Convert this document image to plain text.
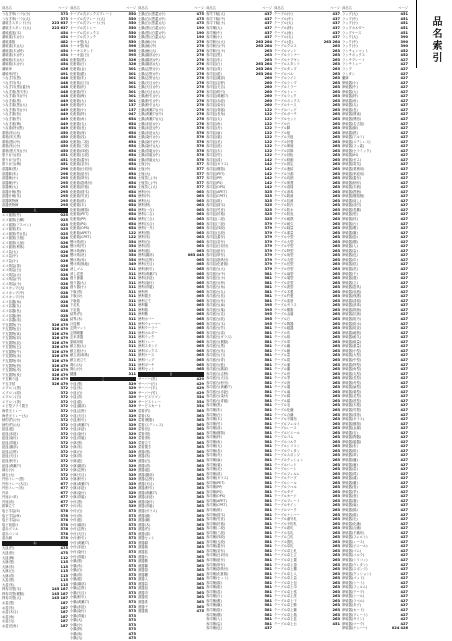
商品名	ページ
うなぎ串(バラ)(小)	373
うなぎ串(バラ)(大)	373
蒲焼きスタンド(小)	223 637
蒲焼きスタンド(大)	223 637
蒲焼盛皿(木)	454
蒲焼重(木)(小)	454
蒲焼重箱	482
蒲焼重(木)(大)	454
蒲焼重(木)(特)	454
蒲焼重(木)(中)	454
蒲焼箱(木)(大)	454
蒲焼箱(木)(小)	454
蒲焼串	426
蒲焼串(竹)	491
うなぎ丼(黒)	448
うなぎ丼(朱)	448
うなぎ丼(黒)(蓋付)	448
うなぎ重(黒天朱)	448
うなぎ重(朱)(中)	448
うなぎ重(黒)	449
うなぎ重(黒)(大)	449
うなぎ重(朱)(小)	449
うなぎ重(松)	449
うなぎ重(竹)	449
うなぎ重(梅)	449
うな重(特)(黒)	449
重箱(朱)(大)	450
重箱(朱天黒)	450
重箱(黒)(中)	450
重箱(朱)(小)	450
重箱(黒天朱)(小)	450
塗り弁当(松)	451
塗り弁当(竹)	451
塗り弁当(梅)	451
漆器鉢(黒)	296
漆器鉢(朱)	296
漆器椀(小)	295
漆器椀(中)	295
漆器椀(大)	295
漆器汁椀(黒)	295
漆器汁椀(朱)	295
漆器吸物椀	295
漆器煮物椀	295
え
エコ割箸(竹)	025
エコ割箸(白樺)	025
エコ割箸(アスペン)	025
エコ割箸(杉)	025
エコ割箸(竹)(長)	025
エコ割箸(天削)	026
エコ割箸(元禄)	026
エコ割箸(利休)	026
エコ袋(大)	026
エコ袋(中)	026
エコ袋(小)	026
エコ紙袋(茶)	026
エコ紙袋(白)	026
エコ紙袋(大)	028
エコ紙袋(中)	028
エコ紙袋(小)	028
エコカップ(大)	028
エコカップ(中)	028
エコカップ(小)	028
エコ容器(角)	028
エコ容器(丸)	028
エコ容器(長)	028
エコ容器(深)	028
エコ容器(浅)	028
干支置物(子)	326 479
干支置物(丑)	326 479
干支置物(寅)	326 479
干支置物(卯)	326 479
干支置物(辰)	326 479
干支置物(巳)	326 479
干支置物(午)	326 479
干支置物(未)	326 479
干支置物(申)	326 479
干支置物(酉)	326 479
干支置物(戌)	326 479
干支置物(亥)	326 479
干支飾り皿	326 479
干支手拭	326 479
エプロン(黒)	372
エプロン(紺)	372
エプロン(白)	372
エプロン(茶)	372
エビ型フライ置き	372
海老天トレー	372
海老天トレー(大)	372
柄杓(竹)(小)	372
柄杓(竹)(大)	372
絵皿(藍)	372
絵皿(赤絵)	372
絵皿(染付)	372
絵皿(青磁)	372
絵皿(織部)	372
絵皿(志野)	372
絵皿(天目)	372
絵皿(粉引)	372
絵皿(黄瀬戸)	372
縁台(小)	372
縁台(大)	372
円形トレー(黒)	372
円形トレー(木目)	677
円形トレー(朱)	677
円卓	677
円座(い草)	677
円座(布)	677
鉛筆立て	677
塩ビ手袋(S)	578
塩ビ手袋(M)	578
塩ビ手袋(L)	578
塩ビ前掛け	578
遠赤グリル	578
遠赤コンロ	578
遠赤網	578
お
大皿(竹)	475
大皿(松)	475
大皿(梅)	112
大鉢(黒)	115
大鉢(朱)	115
大鉢(白)	115
大鉢(青)	115
大盆(黒)	115
大盆(朱)	115
押寿司型(木)	145 187
押寿司型(樹脂)	145 187
押寿司型(大)	145 187
お盆(黒)	187
お盆(朱)	187
お盆(木目)	187
お盆(角)	187
お盆(丸)	187
お盆(長角)	187
商品名	ページ
ケーブル式ボックスプレート	550
ケーブル式プレート(大)	550
ケーブル式プレート(小)	550
ケーブル式トレー	550
ケーブル式ボックス	550
ケーブル式ラック	550
ケーキ型(丸)	550
ケーキ型(角)	596
ケーキスタンド	595
ケーキ皿(白)	595
化粧箱(黒)	326
化粧箱(白)	326
化粧箱(金)	301
化粧箱(銀)	301
化粧箱(朱)	301
化粧箱(紅白)	301
化粧箱(松)	301
化粧箱(竹)	301
化粧箱(梅)	301
化粧箱(大)	301
化粧箱(中)	137
化粧箱(小)	137
化粧箱(特)	047
化粧箱(角)	654
化粧箱(丸)	654
化粧箱(長)	654
化粧箱(深)	654
化粧箱(浅)	654
化粧箱(二段)	654
化粧箱(三段)	654
化粧箱(四段)	654
化粧箱(五段)	654
化粧箱(蓋付)	654
化粧箱(窓付)	654
化粧箱(仕切付)	654
化粧箱(紐付)	654
化粧箱(帯付)	654
化粧箱(掛紙付)	654
化粧箱(折箱)	654
化粧箱(経木)	654
化粧箱(竹皮)	654
化粧箱(紙)	654
化粧箱(木)	654
化粧箱(樹脂)	654
化粧箱(PET)	654
化粧箱(PP)	654
化粧箱(PS)	654
化粧箱(OPS)	654
化粧箱(APET)	122
化粧箱(CPET)	122
懸け紙(松)	354
懸け紙(竹)	354
懸け紙(梅)	354
懸け紙(祝)	354
懸け紙(寿)	354
懸け紙(無地)	349
消しゴム	311
消し炭壺	311
削り節器	311
削り器(大)	311
削り器(小)	311
下駄(男)	311
下駄(女)	311
下駄箱	311
下足札	311
下足箱	311
結界(竹)	311
結界(木)	311
月桂樹	311
玄関マット	311
玄関暖簾	311
玄米茶器	311
原稿用紙	311
献立板(大)	311
献立板(小)	311
献立表(和紙)	311
献立表立て	311
剣山(大)	311
剣山(小)	311
鍵盤	311
こ
小皿(黒)	329
小皿(朱)	329
小皿(白)	329
小皿(青)	329
小皿(藍)	329
小皿(織部)	329
小皿(志野)	329
小皿(天目)	329
小皿(粉引)	329
小皿(黄瀬戸)	329
小皿(赤絵)	329
小皿(染付)	329
小皿(青磁)	329
小鉢(黒)	329
小鉢(朱)	329
小鉢(白)	329
小鉢(青)	329
小鉢(藍)	329
小鉢(織部)	329
小鉢(志野)	329
小鉢(天目)	329
小鉢(粉引)	329
小鉢(黄瀬戸)	329
小鉢(赤絵)	329
小鉢(染付)	329
小鉢(青磁)	329
小付(黒)	329
小付(朱)	329
小付(白)	573
小付(青)	573
小付(藍)	573
小付(織部)	573
小付(志野)	573
小付(天目)	573
小付(粉引)	573
小付(黄瀬戸)	573
小付(赤絵)	573
小付(染付)	573
小付(青磁)	573
小鍋(黒)	573
小鍋(朱)	573
小鍋(白)	573
小鍋(青)	573
小鍋(藍)	573
小鍋(織部)	573
小鍋(志野)	573
小鍋(天目)	573
小鍋(粉引)	573
小鍋(黄瀬戸)	573
小鍋(赤絵)	573
小鍋(染付)	573
小鍋(青磁)	573
小鍋(大)	573
小鍋(小)	573
小鍋(特)	573
小鍋(角)	475
小鍋(丸)	475
商品名	ページ
土鍋(白)(黒蓋)(小)	475
土鍋(白)(黒蓋)(中)	475
土鍋(白)(黒蓋)(大)	475
土鍋(黒)(白蓋)(小)	190
土鍋(黒)(白蓋)(中)	190
土鍋(黒)(白蓋)(大)	190
土鍋(飴)(小)	276
土鍋(飴)(中)	276
土鍋(飴)(大)	276
土鍋(織部)(小)	276
土鍋(織部)(中)	276
土鍋(織部)(大)	276
土鍋(志野)(小)	276
土鍋(志野)(中)	276
土鍋(志野)(大)	276
土鍋(天目)(小)	276
土鍋(天目)(中)	276
土鍋(天目)(大)	276
土鍋(粉引)(小)	276
土鍋(粉引)(中)	276
土鍋(粉引)(大)	276
土鍋(黄瀬戸)(小)	276
土鍋(黄瀬戸)(中)	276
土鍋(黄瀬戸)(大)	276
土鍋(赤絵)(小)	276
土鍋(赤絵)(中)	576
土鍋(赤絵)(大)	576
土鍋(染付)(小)	576
土鍋(染付)(中)	576
土鍋(染付)(大)	576
土鍋(青磁)(小)	576
土鍋(青磁)(中)	576
土鍋(青磁)(大)	576
土瓶(小)	577
土瓶(中)	577
土瓶(大)	577
土瓶蒸し(小)	577
土瓶蒸し(中)	577
土瓶蒸し(大)	577
徳利(小)	063
徳利(中)	063
徳利(大)	063
徳利(特)	063
徳利(一合)	063
徳利(二合)	063
徳利(三合)	063
徳利(五合)	063
徳利(一升)	063
徳利(黒)	063
徳利(朱)	063
徳利(白)	063
徳利(青)	063
徳利(藍)	063
徳利(織部)	063 445
徳利(志野)	065
徳利(天目)	065
徳利(粉引)	065
徳利(黄瀬戸)	065
徳利(赤絵)	065
徳利(染付)	065
徳利(青磁)	065
徳利袴	065
徳利置き	065
徳利立て	065
徳利籠	065
徳利箱	065
徳利敷	065
徳利カバー	065
徳利ウォーマー	065
徳利クーラー	065
徳利ホルダー	065
徳利ラック	065
徳利トレー	065
徳利スタンド	065
徳利ボックス	065
徳利ケース	065
徳利バッグ	065
徳利ポーチ	065
徳利セット	065
さ
サーバー(黒)	429
サーバー(白)	429
サーバー(木)	429
サーバー(竹)	429
サービスワゴン	354
サービストレー	354
サービスカート	354
菜箸(竹)	363
菜箸(木)	363
菜箸(樹脂)	363
菜箸(ステンレス)	363
菜箸(長)	363
菜箸(短)	363
菜箸(特)	363
菜箸立て	363
菜箸置き	363
酒器(黒)	363
酒器(朱)	363
酒器(白)	363
酒器(青)	363
酒器(藍)	363
酒器(織部)	363
酒器(志野)	363
酒器(天目)	363
酒器(粉引)	363
酒器(黄瀬戸)	363
酒器(赤絵)	363
酒器(染付)	363
酒器(青磁)	363
酒器(ガラス)	363
酒器(錫)	363
酒器(銅)	363
酒器(木)	363
酒器(竹)	363
酒器(漆)	363
酒器セット	363
酒器揃	363
酒器箱	363
酒器盆	363
酒器台	363
酒器敷	363
酒器籠	363
酒器掛	363
酒器棚	363
酒器入	363
酒器袋	363
酒器包	363
酒器巾	363
酒器拭	363
酒器洗	363
酒器干	363
酒器置	475
商品名	ページ
寿司下駄(大)	437
寿司下駄(中)	437
寿司下駄(小)	437
寿司桶(大)	437
寿司桶(中)	437
寿司桶(小)	437
寿司飯台(大)	263 264
寿司飯台(中)	263 264
寿司飯台(小)	263
寿司皿(黒)	263
寿司皿(朱)	263
寿司皿(白)	263 264
寿司皿(青)	263 264
寿司皿(藍)	263 264
寿司皿(織部)	260
寿司皿(志野)	260
寿司皿(天目)	260
寿司皿(粉引)	260
寿司皿(黄瀬戸)	260
寿司皿(赤絵)	260
寿司皿(染付)	260
寿司皿(青磁)	122
寿司皿(長角)	122
寿司皿(丸)	122
寿司皿(角)	122
寿司皿(舟)	122
寿司皿(扇)	122
寿司皿(葉)	122
寿司皿(花)	122
寿司皿(波)	122
寿司皿(木)	122
寿司皿(竹)	122
寿司皿(漆)	142
寿司皿(ガラス)	142
寿司皿(樹脂)	142
寿司皿(PET)	142
寿司皿(PP)	142
寿司皿(PS)	142
寿司皿(OPS)	142
寿司皿(APET)	325
寿司皿(CPET)	325
寿司皿(紙)	325
寿司皿(経木)	325
寿司皿(竹皮)	325
寿司皿(折箱)	325
寿司皿(二段)	325
寿司皿(三段)	379
寿司皿(四段)	379
寿司皿(五段)	379
寿司皿(蓋付)	379
寿司皿(窓付)	379
寿司皿(仕切付)	379
寿司皿(紐付)	379
寿司皿(帯付)	379
寿司皿(掛紙付)	379
寿司皿(化粧箱)	379
寿司盛台(大)	379
寿司盛台(中)	581
寿司盛台(小)	581
寿司盛台(特)	581
寿司盛台(角)	581
寿司盛台(丸)	581
寿司盛台(長)	581
寿司盛台(舟)	581
寿司盛台(扇)	395
寿司盛台(葉)	395
寿司盛台(花)	395
寿司盛台(波)	395
寿司盛台(木)	395
寿司盛台(竹)	581
寿司盛台(漆)	581
寿司盛台(ガラス)	581
寿司盛台(樹脂)	581
寿司盛台(黒)	581
寿司盛台(朱)	581
寿司盛台(白)	581
寿司盛台(青)	581
寿司盛台(藍)	581
寿司盛台(織部)	581
寿司盛台(志野)	581
寿司盛台(天目)	581
寿司盛台(粉引)	581
寿司盛台(黄瀬戸)	581
寿司盛台(赤絵)	581
寿司盛台(染付)	581
寿司盛台(青磁)	581
寿司桶(黒)	581
寿司桶(朱)	581
寿司桶(白)	581
寿司桶(木)	581
寿司桶(竹)	581
寿司桶(漆)	581
寿司桶(樹脂)	581
寿司桶(特)	581
寿司桶(角)	581
寿司桶(丸)	581
寿司桶(長)	581
寿司桶(舟)	581
寿司桶(扇)	581
寿司桶(葉)	581
寿司桶(花)	581
寿司桶(波)	581
寿司桶(ガラス)	581
寿司桶(PET)	581
寿司桶(PP)	581
寿司桶(PS)	581
寿司桶(OPS)	581
寿司桶(APET)	581
寿司桶(CPET)	581
寿司桶(紙)	581
寿司桶(経木)	581
寿司桶(竹皮)	581
寿司桶(折箱)	581
寿司桶(二段)	581
寿司桶(三段)	581
寿司桶(四段)	581
寿司桶(五段)	581
寿司桶(蓋付)	581
寿司桶(窓付)	581
寿司桶(仕切付)	581
寿司桶(紐付)	581
寿司桶(帯付)	581
寿司桶(掛紙付)	581
寿司桶(化粧箱)	581
寿司桶(セット)	581
寿司桶(揃)	581
寿司桶(箱)	581
寿司桶(盆)	581
寿司桶(台)	581
寿司桶(敷)	581
寿司桶(籠)	581
寿司桶(掛)	581
寿司桶(棚)	581
寿司桶(入)	581
寿司桶(袋)	581
寿司桶(包)	437
商品名	ページ
テーブル(小)	437
テーブル(中)	437
テーブル(大)	437
テーブル(特)	437
テーブル(角)	437
テーブル(丸)	437
テーブル(長)	263 264
テーブルクロス	263
テーブルマット	263
テーブルランナー	263
テーブルナプキン	263
テーブルスタンド	263
テーブルタップ	263
テーブルベル	263
テーブルライト	263
テーブルランプ	263
テーブルミラー	263
テーブルトレー	263
テーブルラック	263
テーブルボックス	263
テーブルケース	263
テーブルバッグ	263
テーブルポーチ	263
テーブルセット	263
テーブル台	263
テーブル脚	263
テーブル板	263
テーブル天板	263
テーブル折畳	263
テーブル伸縮	263
テーブル昇降	263
テーブル回転	263
テーブル移動	263
テーブル固定	263
テーブル連結	263
テーブル分割	263
テーブル収納	263
テーブル保護	263
テーブル清掃	263
テーブル消毒	263
テーブル除菌	263
テーブル抗菌	263
テーブル防汚	263
テーブル防水	263
テーブル防炎	263
テーブル耐熱	263
テーブル耐久	263
テーブル軽量	263
テーブル重量	263
テーブル小型	263
テーブル大型	263
テーブル中型	263
テーブル特型	263
テーブル角型	263
テーブル丸型	263
テーブル長型	263
テーブル舟型	263
テーブル扇型	263
テーブル葉型	263
テーブル花型	263
テーブル波型	263
テーブル木製	263
テーブル竹製	263
テーブル漆塗	263
テーブルガラス	263
テーブル樹脂	263
テーブル金属	263
テーブル石	263
テーブル陶器	263
テーブル磁器	263
テーブル布	263
テーブル紙	263
テーブル革	263
テーブル籐	263
テーブル藤	263
テーブル葦	263
テーブル葭	263
テーブル蒲	263
テーブル藺	263
テーブル菅	263
テーブル茅	263
テーブル萱	263
テーブル藁	263
テーブル麻	263
テーブル綿	263
テーブル絹	263
テーブル毛	263
テーブル化繊	263
テーブル合繊	263
テーブル不織布	263
テーブルフェルト	263
テーブルレース	263
テーブルビニール	263
テーブルゴム	263
テーブルコルク	263
テーブルシリコン	263
テーブルウレタン	263
テーブルスポンジ	263
テーブルクッション	263
テーブルパッド	263
テーブルシート	263
テーブルフィルム	263
テーブルテープ	263
テーブルシール	263
テーブルラベル	263
テーブルタグ	263
テーブルカード	263
テーブルプレート	263
テーブルサイン	263
テーブルマーク	263
テーブルナンバー	263
テーブル番号札	263
テーブル予約札	263
テーブル席札	263
テーブル名札	263
テーブル立札	263
テーブル置札	263
テーブル卓札	263
テーブル卓上札	263
テーブル卓上立	263
テーブル卓上置	263
テーブル卓上掛	263
テーブル卓上棚	263
テーブル卓上入	263
テーブル卓上袋	263
テーブル卓上包	263
テーブル卓上巾	263
テーブル卓上拭	263
テーブル卓上洗	263
テーブル卓上干	263
テーブル卓上敷	263
テーブル卓上籠	263
テーブル卓上箱	263
テーブル卓上盆	263
テーブル卓上台	451
商品名	ページ
ラップ(大)	451
ラップ(中)	451
ラップ(小)	451
ラップホルダー	451
ラップケース	451
ラック(大)	390
ラック(中)	390
ラック(小)	390
ランチョンマット	452
ランチボックス	452
ランチプレート	427
ランチトレー	427
ランプ	427
ランタン	427
蘭鉢	427
卵焼器(小)	427
卵焼器(中)	427
卵焼器(大)	427
卵焼器(特)	427
卵焼器(角)	427
卵焼器(丸)	427
卵焼器(長)	427
卵焼器(関東)	427
卵焼器(関西)	427
卵焼器(名古屋)	427
卵焼器(銅)	427
卵焼器(鉄)	427
卵焼器(アルミ)	427
卵焼器(ステンレス)	427
卵焼器(フッ素)	427
卵焼器(セラミック)	427
卵焼器(IH)	427
卵焼器(ガス)	427
卵焼器(電気)	427
卵焼器(業務用)	427
卵焼器(家庭用)	427
卵焼器(蓋付)	427
卵焼器(柄付)	427
卵焼器(木柄)	427
卵焼器(鉄柄)	427
卵焼器(樹脂柄)	427
卵焼器(返し)	427
卵焼器(油引)	427
卵焼器(巻簾)	427
卵焼器(型)	427
卵焼器(枠)	427
卵焼器(台)	427
卵焼器(敷)	427
卵焼器(籠)	427
卵焼器(掛)	427
卵焼器(棚)	427
卵焼器(入)	427
卵焼器(袋)	427
卵焼器(包)	427
卵焼器(巾)	427
卵焼器(拭)	427
卵焼器(洗)	427
卵焼器(干)	427
卵焼器(置)	427
卵焼器(立)	427
卵焼器(掛具)	427
卵焼器(収納)	427
卵焼器(保護)	427
卵焼器(清掃)	427
卵焼器(消毒)	427
卵焼器(除菌)	427
卵焼器(抗菌)	427
卵焼器(防汚)	427
卵焼器(防水)	427
卵焼器(防炎)	427
卵焼器(耐熱)	427
卵焼器(耐久)	427
卵焼器(軽量)	427
卵焼器(重量)	427
卵焼器(小型)	427
卵焼器(大型)	427
卵焼器(中型)	427
卵焼器(特型)	427
卵焼器(角型)	427
卵焼器(丸型)	427
卵焼器(長型)	427
卵焼器(舟型)	427
卵焼器(扇型)	427
卵焼器(葉型)	427
卵焼器(花型)	427
卵焼器(波型)	427
卵焼器(木製)	427
卵焼器(竹製)	427
卵焼器(漆塗)	427
卵焼器(ガラス)	427
卵焼器(樹脂)	427
卵焼器(金属)	427
卵焼器(石)	427
卵焼器(陶器)	427
卵焼器(磁器)	427
卵焼器(布)	427
卵焼器(紙)	427
卵焼器(革)	427
卵焼器(籐)	427
卵焼器(藤)	427
卵焼器(葦)	427
卵焼器(葭)	427
卵焼器(蒲)	427
卵焼器(藺)	427
卵焼器(菅)	427
卵焼器(茅)	427
卵焼器(萱)	427
卵焼器(藁)	427
卵焼器(麻)	427
卵焼器(綿)	427
卵焼器(絹)	427
卵焼器(毛)	427
卵焼器(化繊)	427
卵焼器(合繊)	427
卵焼器(不織布)	427
卵焼器(フェルト)	427
卵焼器(レース)	427
卵焼器(ビニール)	427
卵焼器(ゴム)	427
卵焼器(コルク)	427
卵焼器(シリコン)	427
卵焼器(ウレタン)	427
卵焼器(スポンジ)	427
卵焼器(クッション)	427
卵焼器(パッド)	427
卵焼器(シート)	427
卵焼器(フィルム)	427
卵焼器(テープ)	427
卵焼器(シール)	427
卵焼器(ラベル)	427
卵焼器(タグ)	427
卵焼器(カード)	427
卵焼器(プレート)	427
卵焼器(サイン)	427
卵焼器(マーク)	427
卵焼器(ナンバー)	024 426
品名索引
